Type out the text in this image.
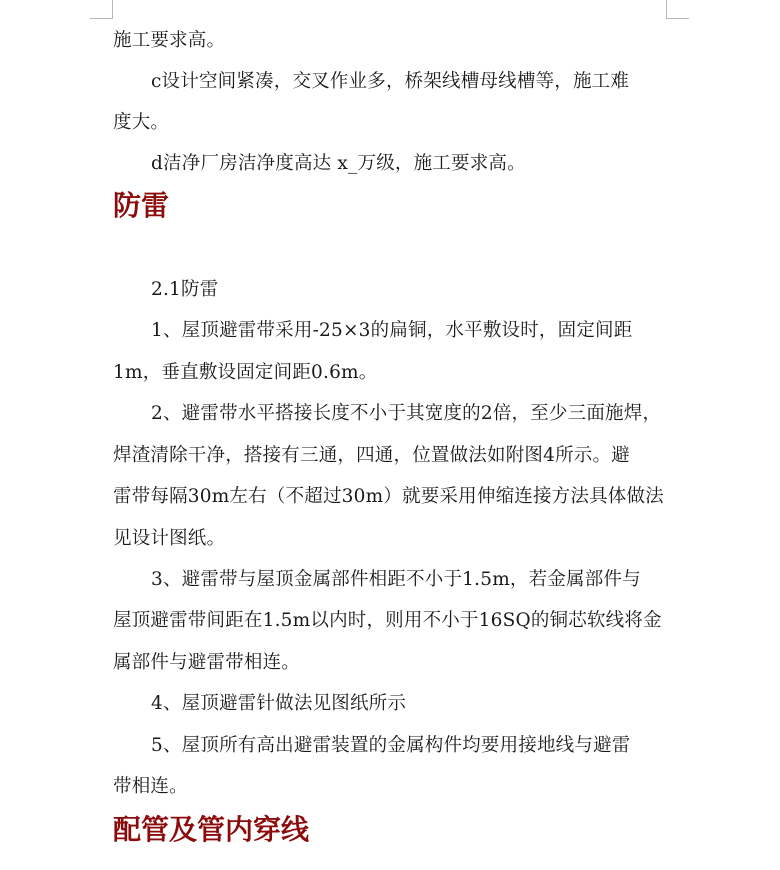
施工要求高。
c设计空间紧凑，交叉作业多，桥架线槽母线槽等，施工难
度大。
d洁净厂房洁净度高达 x_万级，施工要求高。
防雷
2.1防雷
1、屋顶避雷带采用-25×3的扁铜，水平敷设时，固定间距
1m，垂直敷设固定间距0.6m。
2、避雷带水平搭接长度不小于其宽度的2倍，至少三面施焊，
焊渣清除干净，搭接有三通，四通，位置做法如附图4所示。避
雷带每隔30m左右（不超过30m）就要采用伸缩连接方法具体做法
见设计图纸。
3、避雷带与屋顶金属部件相距不小于1.5m，若金属部件与
屋顶避雷带间距在1.5m以内时，则用不小于16SQ的铜芯软线将金
属部件与避雷带相连。
4、屋顶避雷针做法见图纸所示
5、屋顶所有高出避雷装置的金属构件均要用接地线与避雷
带相连。
配管及管内穿线
